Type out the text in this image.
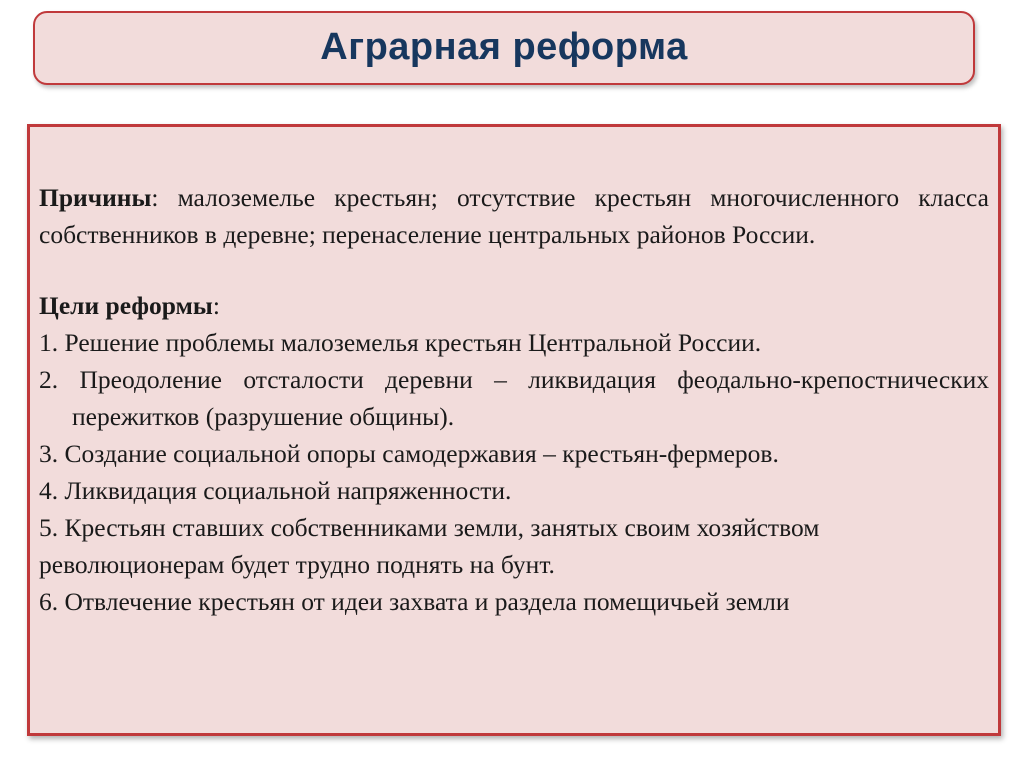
Аграрная реформа

Причины: малоземелье крестьян; отсутствие крестьян многочисленного класса собственников в деревне; перенаселение центральных районов России.

Цели реформы:

1. Решение проблемы малоземелья крестьян Центральной России.

2. Преодоление отсталости деревни – ликвидация феодально-крепостнических пережитков (разрушение общины).

3. Создание социальной опоры самодержавия – крестьян-фермеров.

4. Ликвидация социальной напряженности.

5. Крестьян ставших собственниками земли, занятых своим хозяйством

революционерам будет трудно поднять на бунт.

6. Отвлечение крестьян от идеи захвата и раздела помещичьей земли
